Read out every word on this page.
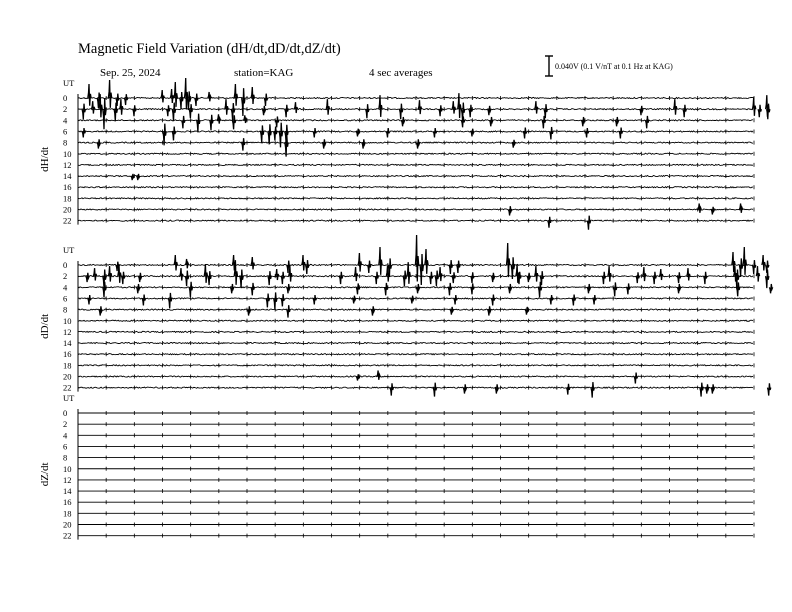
Magnetic Field Variation (dH/dt,dD/dt,dZ/dt)
Sep. 25, 2024	station=KAG	4 sec averages
0.040V (0.1 V/nT at 0.1 Hz at KAG)
UT
dH/dt
0
2
4
6
8
10
12
14
16
18
20
22
UT
dD/dt
0
2
4
6
8
10
12
14
16
18
20
22
UT
dZ/dt
0
2
4
6
8
10
12
14
16
18
20
22
